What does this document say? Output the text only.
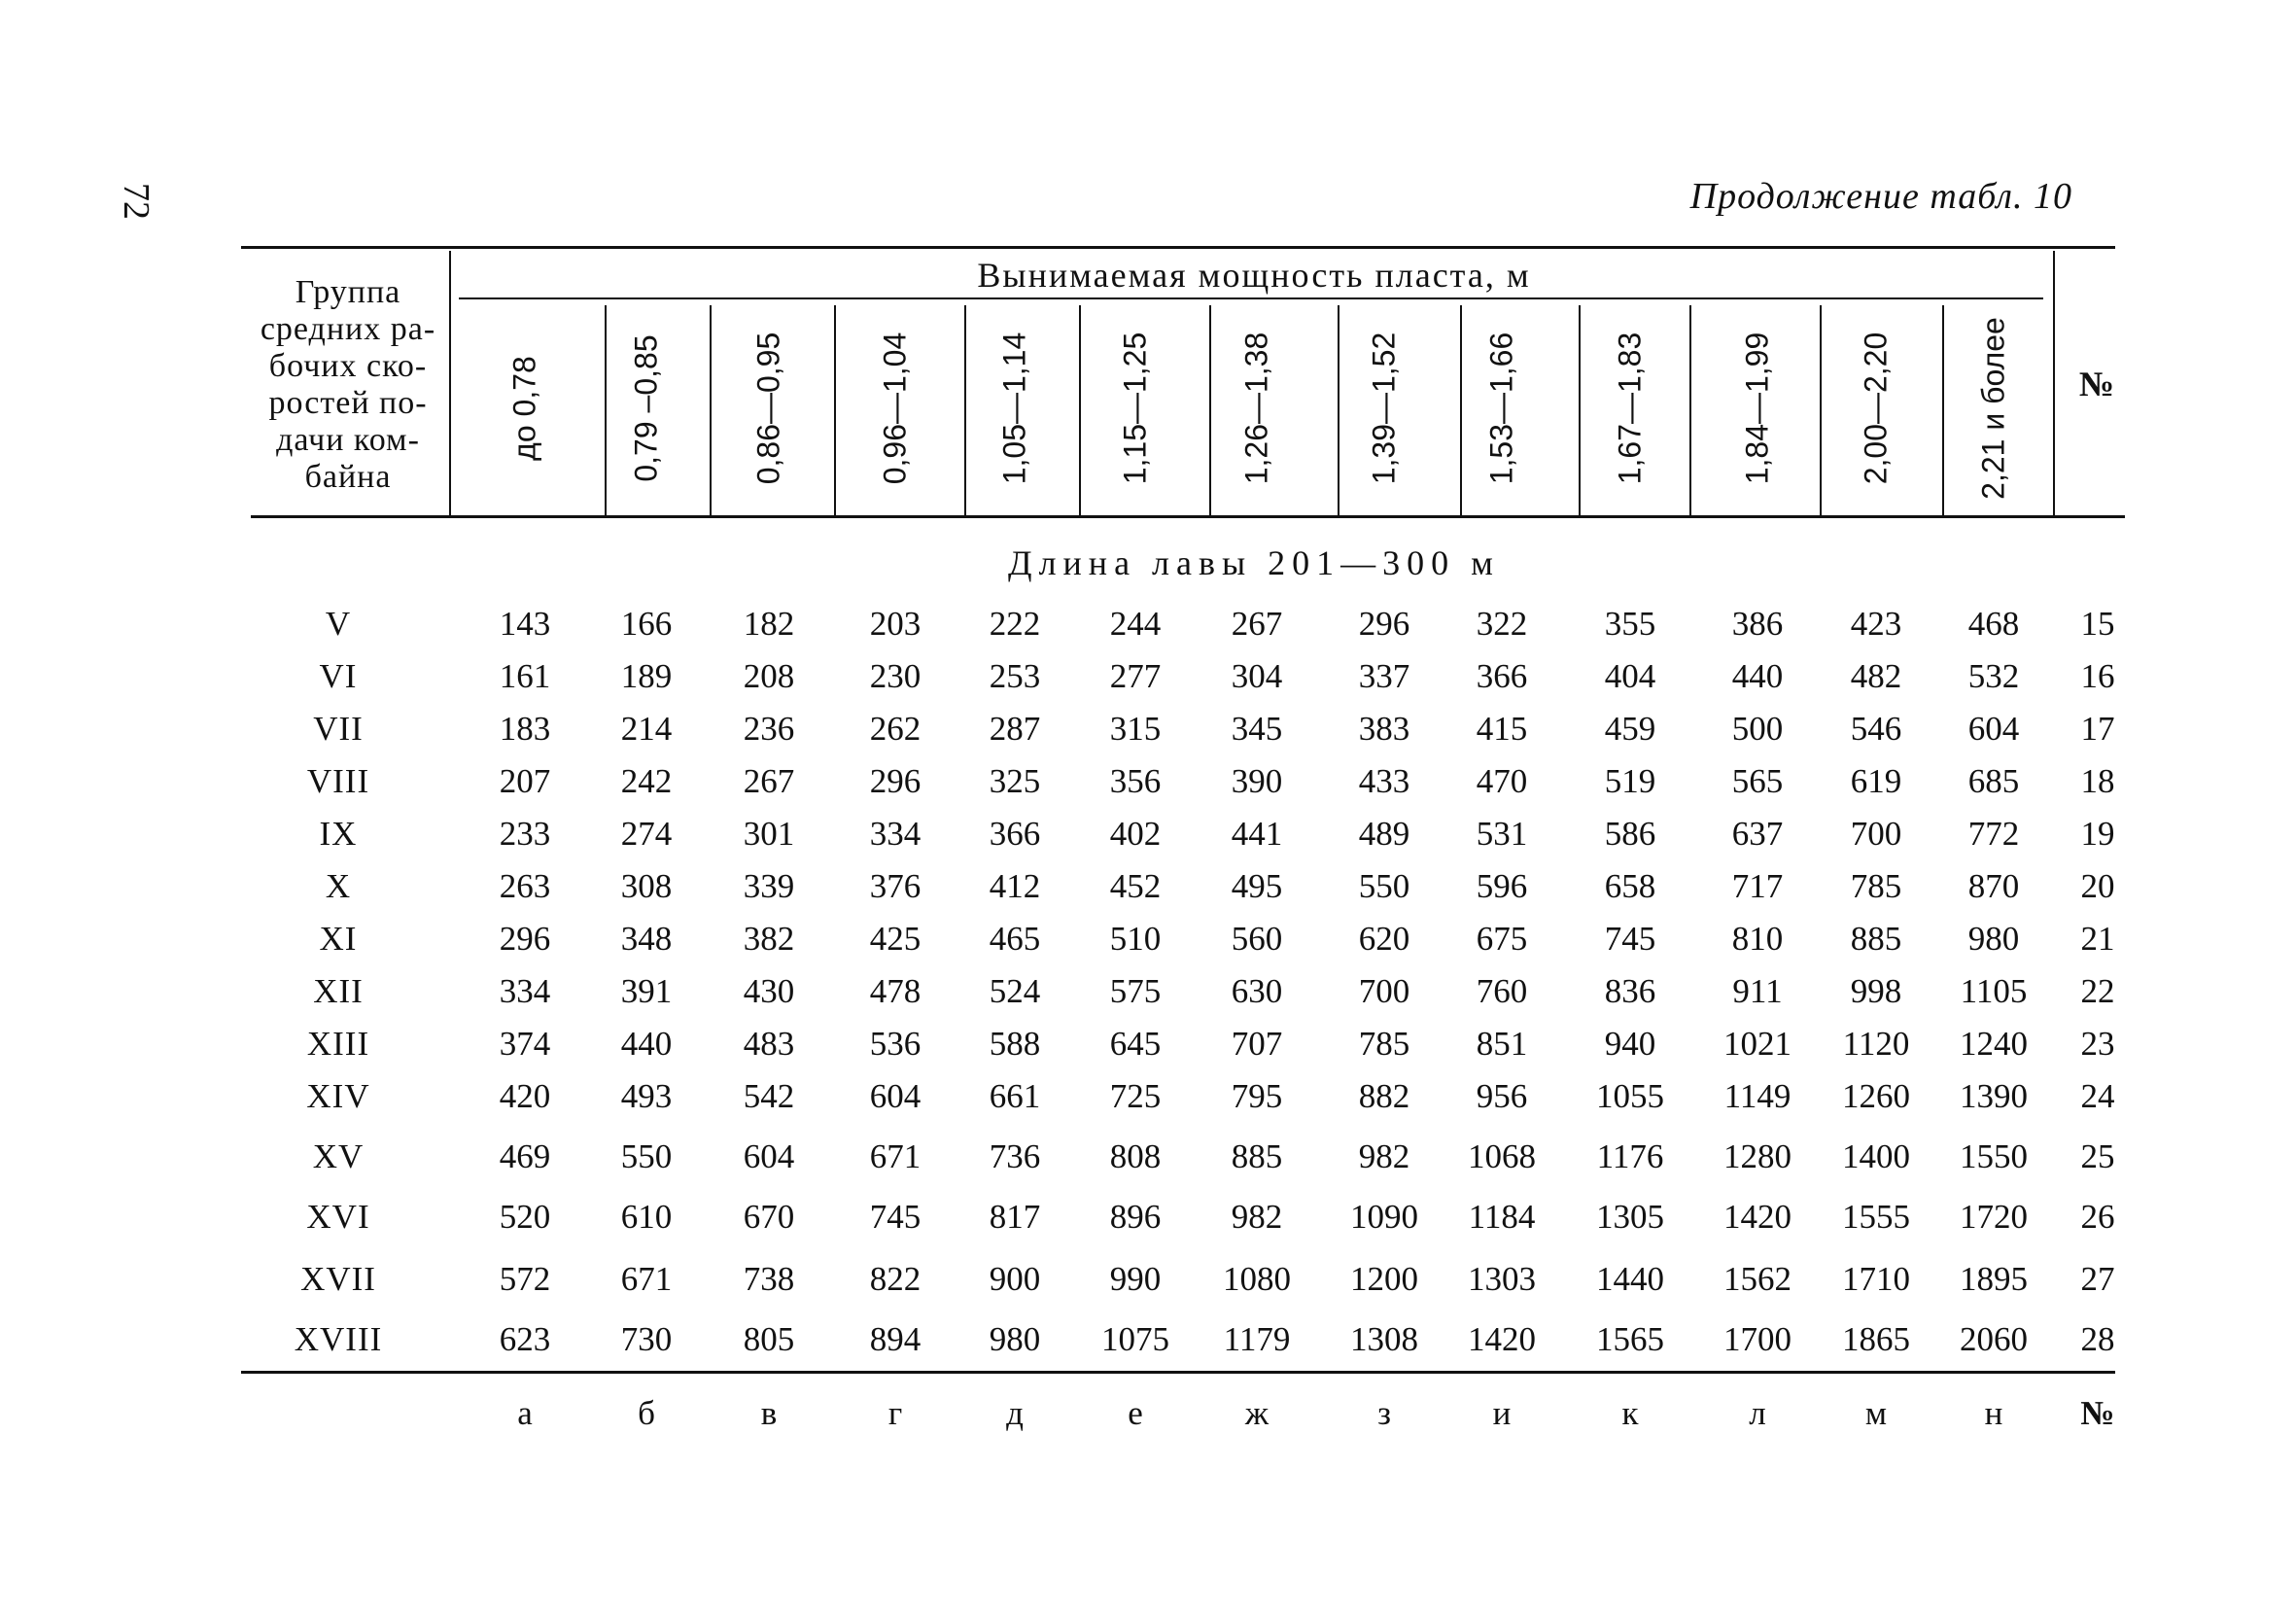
72	Продолжение табл. 10
Группа
средних ра-
бочих ско-
ростей по-
дачи ком-
байна
Вынимаемая мощность пласта, м
№
до 0,78	0,79 –0,85	0,86—0,95	0,96—1,04	1,05—1,14	1,15—1,25	1,26—1,38	1,39—1,52	1,53—1,66	1,67—1,83	1,84—1,99	2,00—2,20	2,21 и более
Длина лавы 201—300 м
V	143	166	182	203	222	244	267	296	322	355	386	423	468	15
VI	161	189	208	230	253	277	304	337	366	404	440	482	532	16
VII	183	214	236	262	287	315	345	383	415	459	500	546	604	17
VIII	207	242	267	296	325	356	390	433	470	519	565	619	685	18
IX	233	274	301	334	366	402	441	489	531	586	637	700	772	19
X	263	308	339	376	412	452	495	550	596	658	717	785	870	20
XI	296	348	382	425	465	510	560	620	675	745	810	885	980	21
XII	334	391	430	478	524	575	630	700	760	836	911	998	1105	22
XIII	374	440	483	536	588	645	707	785	851	940	1021	1120	1240	23
XIV	420	493	542	604	661	725	795	882	956	1055	1149	1260	1390	24
XV	469	550	604	671	736	808	885	982	1068	1176	1280	1400	1550	25
XVI	520	610	670	745	817	896	982	1090	1184	1305	1420	1555	1720	26
XVII	572	671	738	822	900	990	1080	1200	1303	1440	1562	1710	1895	27
XVIII	623	730	805	894	980	1075	1179	1308	1420	1565	1700	1865	2060	28
а	б	в	г	д	е	ж	з	и	к	л	м	н	№
